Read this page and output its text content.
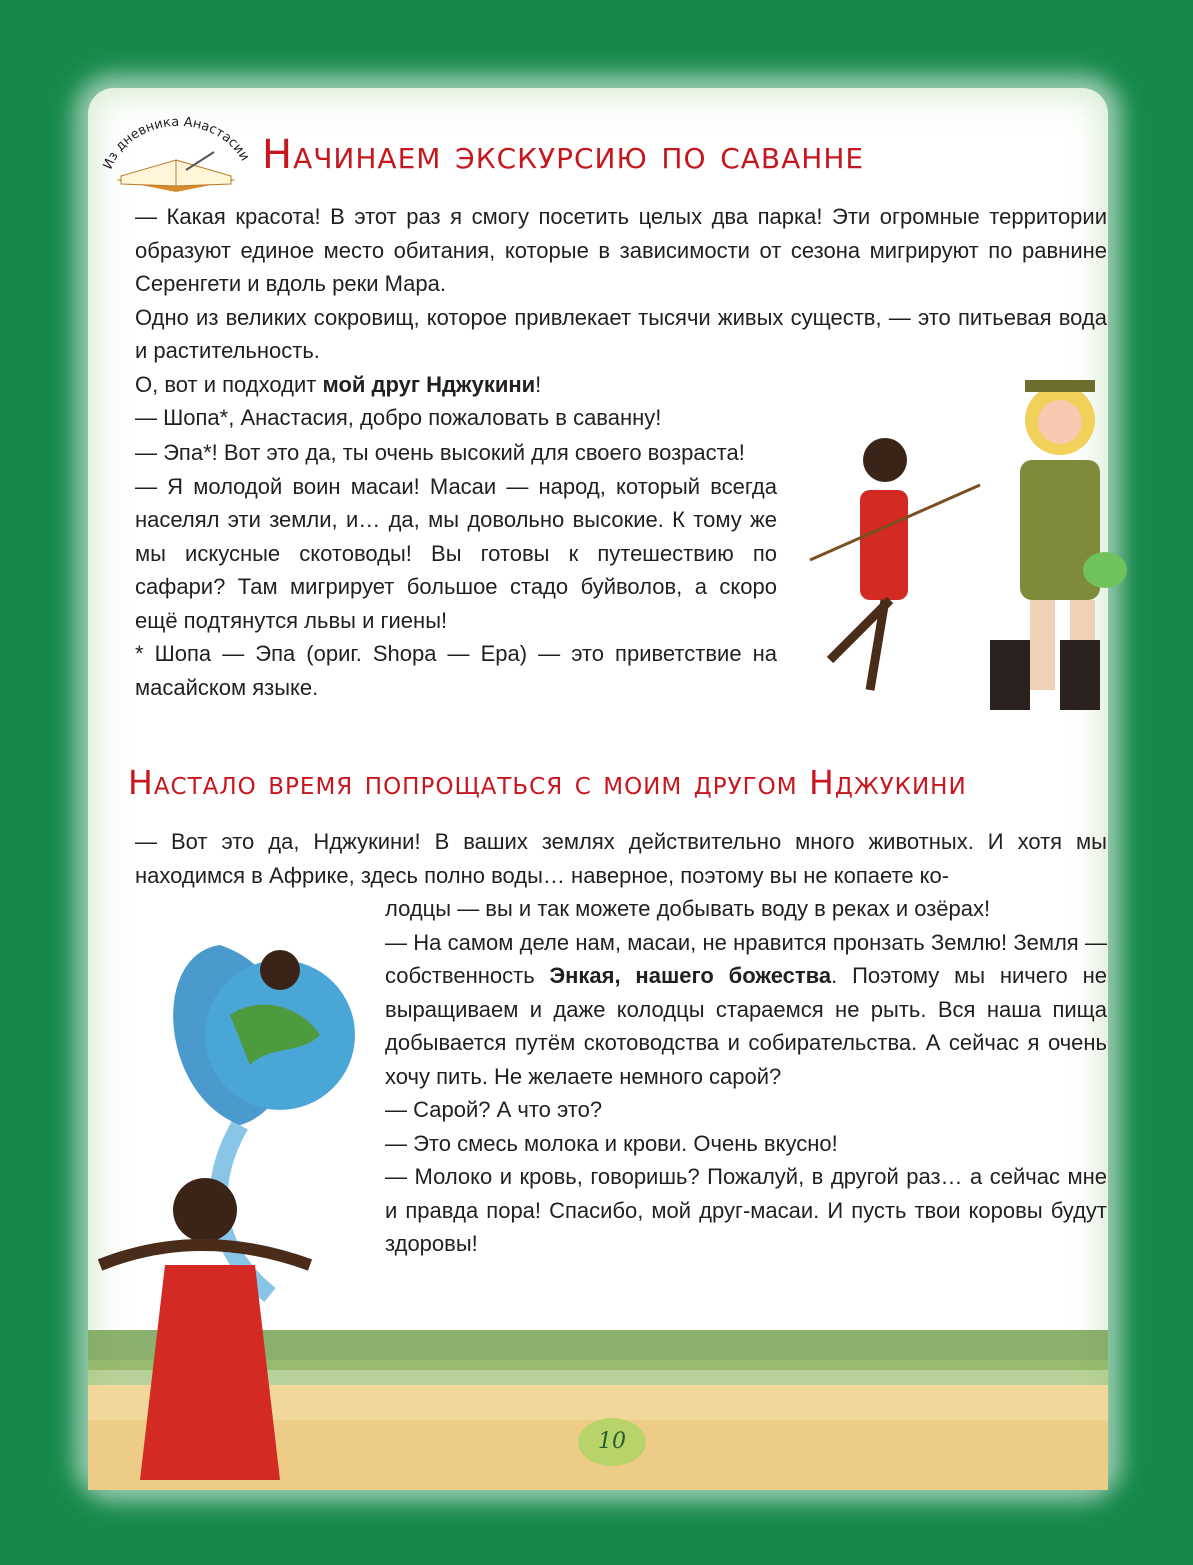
Из дневника Анастасии Начинаем экскурсию по саванне

— Какая красота! В этот раз я смогу посетить целых два парка! Эти огромные территории образуют единое место обитания, которые в зависимости от сезона мигрируют по равнине Серенгети и вдоль реки Мара.

Одно из великих сокровищ, которое привлекает тысячи живых существ, — это питьевая вода и растительность.

О, вот и подходит мой друг Нджукини!

— Шопа*, Анастасия, добро пожаловать в саванну!

— Эпа*! Вот это да, ты очень высокий для своего возраста!

— Я молодой воин масаи! Масаи — народ, который всегда населял эти земли, и… да, мы довольно высокие. К тому же мы искусные скотоводы! Вы готовы к путешествию по сафари? Там мигрирует большое стадо буйволов, а скоро ещё подтянутся львы и гиены!

* Шопа — Эпа (ориг. Shopa — Epa) — это приветствие на масайском языке.

Настало время попрощаться с моим другом Нджукини

— Вот это да, Нджукини! В ваших землях действительно много животных. И хотя мы находимся в Африке, здесь полно воды… наверное, поэтому вы не копаете ко-

лодцы — вы и так можете добывать воду в реках и озёрах!

— На самом деле нам, масаи, не нравится пронзать Землю! Земля — собственность Энкая, нашего божества. Поэтому мы ничего не выращиваем и даже колодцы стараемся не рыть. Вся наша пища добывается путём скотоводства и собирательства. А сейчас я очень хочу пить. Не желаете немного сарой?

— Сарой? А что это?

— Это смесь молока и крови. Очень вкусно!

— Молоко и кровь, говоришь? Пожалуй, в другой раз… а сейчас мне и правда пора! Спасибо, мой друг-масаи. И пусть твои коровы будут здоровы!

10
